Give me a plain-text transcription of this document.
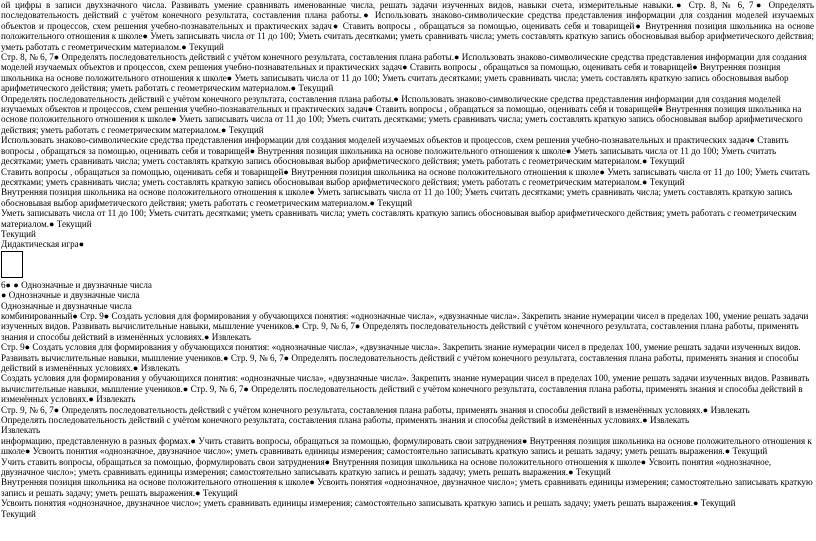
ой цифры в записи двухзначного числа. Развивать умение сравнивать именованные числа, решать задачи изученных видов, навыки счета, измерительные навыки.● Стр. 8, № 6, 7● Определять последовательность действий с учётом конечного результата, составления плана работы.● Использовать знаково-символические средства представления информации для создания моделей изучаемых объектов и процессов, схем решения учебно-познавательных и практических задач● Ставить вопросы , обращаться за помощью, оценивать себя и товарищей● Внутренняя позиция школьника на основе положительного отношения к школе● Уметь записывать числа от 11 до 100; Уметь считать десятками; уметь сравнивать числа; уметь составлять краткую запись обосновывая выбор арифметического действия; уметь работать с геометрическим материалом.● Текущий
Стр. 8, № 6, 7● Определять последовательность действий с учётом конечного результата, составления плана работы.● Использовать знаково-символические средства представления информации для создания моделей изучаемых объектов и процессов, схем решения учебно-познавательных и практических задач● Ставить вопросы , обращаться за помощью, оценивать себя и товарищей● Внутренняя позиция школьника на основе положительного отношения к школе● Уметь записывать числа от 11 до 100; Уметь считать десятками; уметь сравнивать числа; уметь составлять краткую запись обосновывая выбор арифметического действия; уметь работать с геометрическим материалом.● Текущий
Определять последовательность действий с учётом конечного результата, составления плана работы.● Использовать знаково-символические средства представления информации для создания моделей изучаемых объектов и процессов, схем решения учебно-познавательных и практических задач● Ставить вопросы , обращаться за помощью, оценивать себя и товарищей● Внутренняя позиция школьника на основе положительного отношения к школе● Уметь записывать числа от 11 до 100; Уметь считать десятками; уметь сравнивать числа; уметь составлять краткую запись обосновывая выбор арифметического действия; уметь работать с геометрическим материалом.● Текущий
Использовать знаково-символические средства представления информации для создания моделей изучаемых объектов и процессов, схем решения учебно-познавательных и практических задач● Ставить вопросы , обращаться за помощью, оценивать себя и товарищей● Внутренняя позиция школьника на основе положительного отношения к школе● Уметь записывать числа от 11 до 100; Уметь считать десятками; уметь сравнивать числа; уметь составлять краткую запись обосновывая выбор арифметического действия; уметь работать с геометрическим материалом.● Текущий
Ставить вопросы , обращаться за помощью, оценивать себя и товарищей● Внутренняя позиция школьника на основе положительного отношения к школе● Уметь записывать числа от 11 до 100; Уметь считать десятками; уметь сравнивать числа; уметь составлять краткую запись обосновывая выбор арифметического действия; уметь работать с геометрическим материалом.● Текущий
Внутренняя позиция школьника на основе положительного отношения к школе● Уметь записывать числа от 11 до 100; Уметь считать десятками; уметь сравнивать числа; уметь составлять краткую запись обосновывая выбор арифметического действия; уметь работать с геометрическим материалом.● Текущий
Уметь записывать числа от 11 до 100; Уметь считать десятками; уметь сравнивать числа; уметь составлять краткую запись обосновывая выбор арифметического действия; уметь работать с геометрическим материалом.● Текущий
Текущий
Дидактическая игра●
6● ● Однозначные и двузначные числа
● Однозначные и двузначные числа
Однозначные и двузначные числа
комбинированный● Стр. 9● Создать условия для формирования у обучающихся понятия: «однозначные числа», «двузначные числа». Закрепить знание нумерации чисел в пределах 100, умение решать задачи изученных видов. Развивать вычислительные навыки, мышление учеников.● Стр. 9, № 6, 7● Определять последовательность действий с учётом конечного результата, составления плана работы, применять знания и способы действий в изменённых условиях.● Извлекать
Стр. 9● Создать условия для формирования у обучающихся понятия: «однозначные числа», «двузначные числа». Закрепить знание нумерации чисел в пределах 100, умение решать задачи изученных видов. Развивать вычислительные навыки, мышление учеников.● Стр. 9, № 6, 7● Определять последовательность действий с учётом конечного результата, составления плана работы, применять знания и способы действий в изменённых условиях.● Извлекать
Создать условия для формирования у обучающихся понятия: «однозначные числа», «двузначные числа». Закрепить знание нумерации чисел в пределах 100, умение решать задачи изученных видов. Развивать вычислительные навыки, мышление учеников.● Стр. 9, № 6, 7● Определять последовательность действий с учётом конечного результата, составления плана работы, применять знания и способы действий в изменённых условиях.● Извлекать
Стр. 9, № 6, 7● Определять последовательность действий с учётом конечного результата, составления плана работы, применять знания и способы действий в изменённых условиях.● Извлекать
Определять последовательность действий с учётом конечного результата, составления плана работы, применять знания и способы действий в изменённых условиях.● Извлекать
Извлекать
информацию, представленную в разных формах.● Учить ставить вопросы, обращаться за помощью, формулировать свои затруднения● Внутренняя позиция школьника на основе положительного отношения к школе● Усвоить понятия «однозначное, двузначное число»; уметь сравнивать единицы измерения; самостоятельно записывать краткую запись и решать задачу; уметь решать выражения.● Текущий
Учить ставить вопросы, обращаться за помощью, формулировать свои затруднения● Внутренняя позиция школьника на основе положительного отношения к школе● Усвоить понятия «однозначное, двузначное число»; уметь сравнивать единицы измерения; самостоятельно записывать краткую запись и решать задачу; уметь решать выражения.● Текущий
Внутренняя позиция школьника на основе положительного отношения к школе● Усвоить понятия «однозначное, двузначное число»; уметь сравнивать единицы измерения; самостоятельно записывать краткую запись и решать задачу; уметь решать выражения.● Текущий
Усвоить понятия «однозначное, двузначное число»; уметь сравнивать единицы измерения; самостоятельно записывать краткую запись и решать задачу; уметь решать выражения.● Текущий
Текущий
